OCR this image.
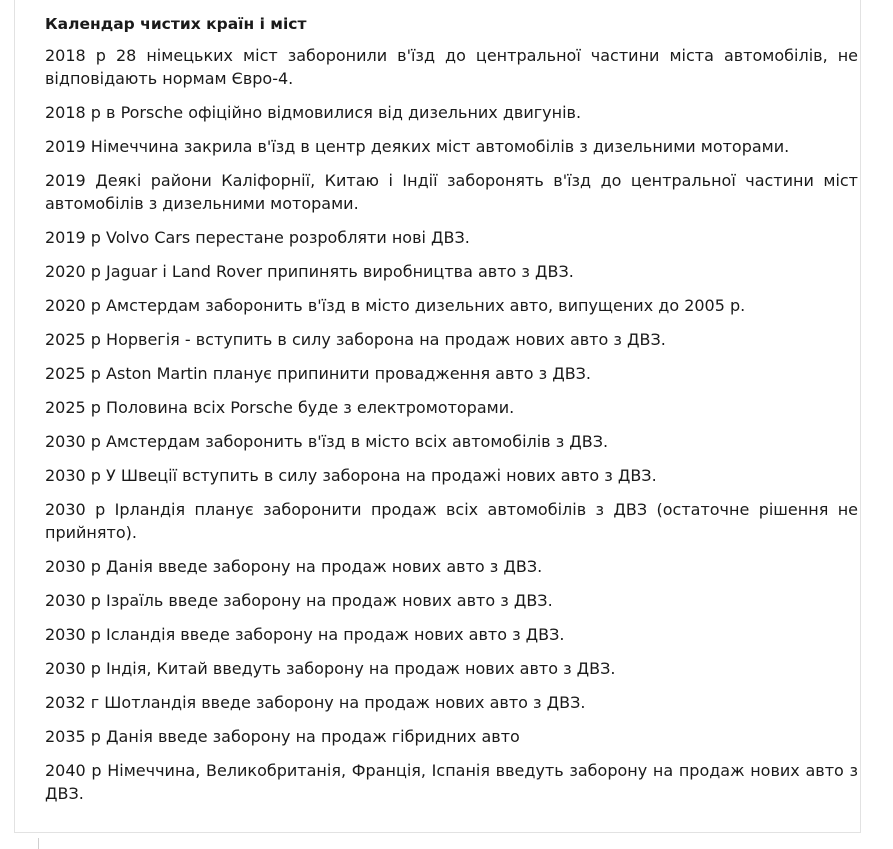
Календар чистих країн і міст

2018 р 28 німецьких міст заборонили в'їзд до центральної частини міста автомобілів, не відповідають нормам Євро-4.

2018 р в Porsche офіційно відмовилися від дизельних двигунів.

2019 Німеччина закрила в'їзд в центр деяких міст автомобілів з дизельними моторами.

2019 Деякі райони Каліфорнії, Китаю і Індії заборонять в'їзд до центральної частини міст автомобілів з дизельними моторами.

2019 р Volvo Cars перестане розробляти нові ДВЗ.

2020 р Jaguar і Land Rover припинять виробництва авто з ДВЗ.

2020 р Амстердам заборонить в'їзд в місто дизельних авто, випущених до 2005 р.

2025 р Норвегія - вступить в силу заборона на продаж нових авто з ДВЗ.

2025 р Aston Martin планує припинити провадження авто з ДВЗ.

2025 р Половина всіх Porsche буде з електромоторами.

2030 р Амстердам заборонить в'їзд в місто всіх автомобілів з ДВЗ.

2030 р У Швеції вступить в силу заборона на продажі нових авто з ДВЗ.

2030 р Ірландія планує заборонити продаж всіх автомобілів з ДВЗ (остаточне рішення не прийнято).

2030 р Данія введе заборону на продаж нових авто з ДВЗ.

2030 р Ізраїль введе заборону на продаж нових авто з ДВЗ.

2030 р Ісландія введе заборону на продаж нових авто з ДВЗ.

2030 р Індія, Китай введуть заборону на продаж нових авто з ДВЗ.

2032 г Шотландія введе заборону на продаж нових авто з ДВЗ.

2035 р Данія введе заборону на продаж гібридних авто

2040 р Німеччина, Великобританія, Франція, Іспанія введуть заборону на продаж нових авто з ДВЗ.
